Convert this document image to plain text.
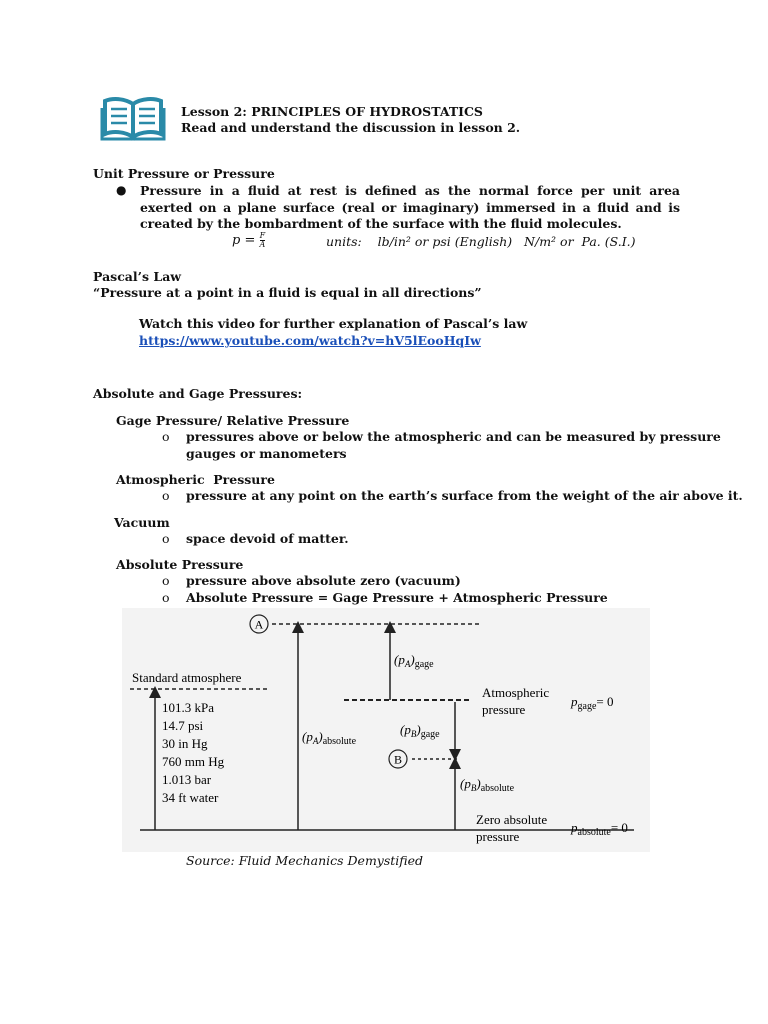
Lesson 2: PRINCIPLES OF HYDROSTATICS
Read and understand the discussion in lesson 2.
Unit Pressure or Pressure
● Pressure in a fluid at rest is defined as the normal force per unit area exerted on a plane surface (real or imaginary) immersed in a fluid and is created by the bombardment of the surface with the fluid molecules.
$p = \frac{F}{A}$	units:    lb/in² or psi (English)   N/m² or  Pa. (S.I.)
Pascal’s Law
“Pressure at a point in a fluid is equal in all directions”
Watch this video for further explanation of Pascal’s law
https://www.youtube.com/watch?v=hV5lEooHqIw
Absolute and Gage Pressures:
Gage Pressure/ Relative Pressure
o pressures above or below the atmospheric and can be measured by pressure
gauges or manometers
Atmospheric  Pressure
o pressure at any point on the earth’s surface from the weight of the air above it.
Vacuum
o space devoid of matter.
Absolute Pressure
o pressure above absolute zero (vacuum)
o Absolute Pressure = Gage Pressure + Atmospheric Pressure
Standard atmosphere
101.3 kPa
14.7 psi
30 in Hg
760 mm Hg
1.013 bar
34 ft water
A
$(p_A)_{absolute}$
$(p_A)_{gage}$
Atmospheric
pressure
$p_{gage}= 0$
$(p_B)_{gage}$
B
$(p_B)_{absolute}$
Zero absolute
pressure
$p_{absolute}= 0$
Source: Fluid Mechanics Demystified
